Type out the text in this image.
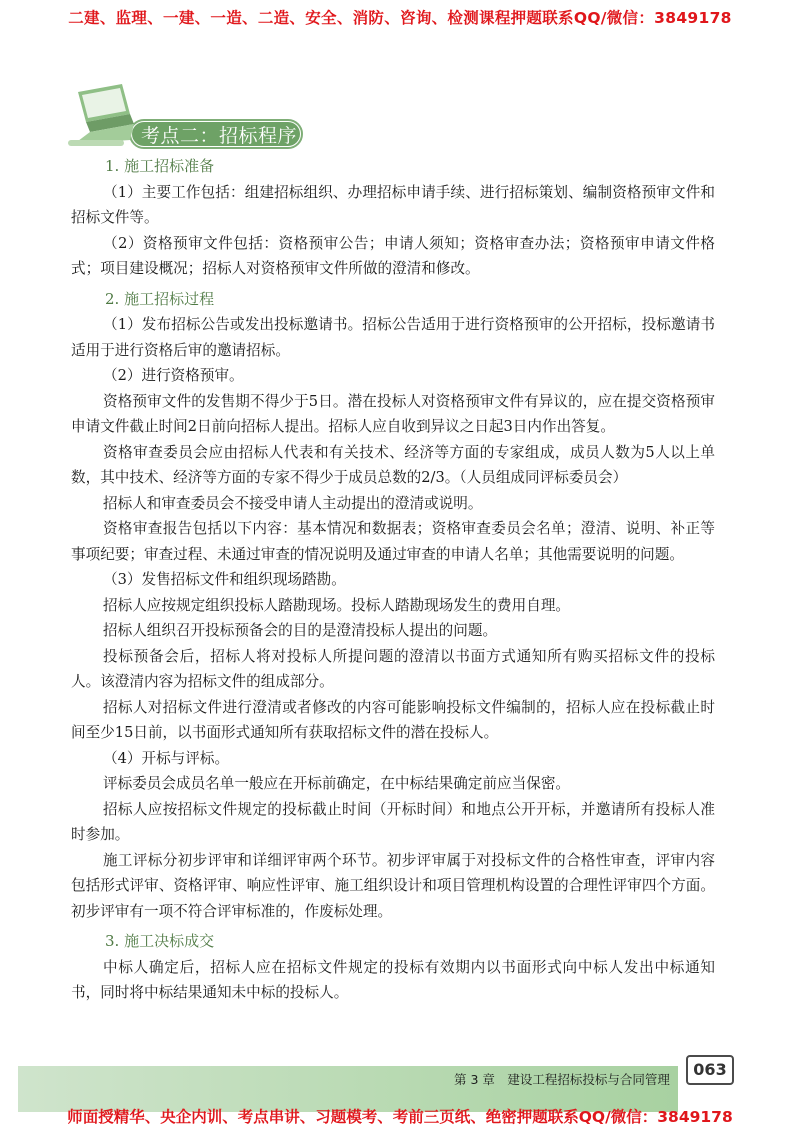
二建、监理、一建、一造、二造、安全、消防、咨询、检测课程押题联系QQ/微信：3849178
考点二：招标程序

1. 施工招标准备

（1）主要工作包括：组建招标组织、办理招标申请手续、进行招标策划、编制资格预审文件和招标文件等。

（2）资格预审文件包括：资格预审公告；申请人须知；资格审查办法；资格预审申请文件格式；项目建设概况；招标人对资格预审文件所做的澄清和修改。

2. 施工招标过程

（1）发布招标公告或发出投标邀请书。招标公告适用于进行资格预审的公开招标，投标邀请书适用于进行资格后审的邀请招标。

（2）进行资格预审。

资格预审文件的发售期不得少于5日。潜在投标人对资格预审文件有异议的，应在提交资格预审申请文件截止时间2日前向招标人提出。招标人应自收到异议之日起3日内作出答复。

资格审查委员会应由招标人代表和有关技术、经济等方面的专家组成，成员人数为5人以上单数，其中技术、经济等方面的专家不得少于成员总数的2/3。（人员组成同评标委员会）

招标人和审查委员会不接受申请人主动提出的澄清或说明。

资格审查报告包括以下内容：基本情况和数据表；资格审查委员会名单；澄清、说明、补正等事项纪要；审查过程、未通过审查的情况说明及通过审查的申请人名单；其他需要说明的问题。

（3）发售招标文件和组织现场踏勘。

招标人应按规定组织投标人踏勘现场。投标人踏勘现场发生的费用自理。

招标人组织召开投标预备会的目的是澄清投标人提出的问题。

投标预备会后，招标人将对投标人所提问题的澄清以书面方式通知所有购买招标文件的投标人。该澄清内容为招标文件的组成部分。

招标人对招标文件进行澄清或者修改的内容可能影响投标文件编制的，招标人应在投标截止时间至少15日前，以书面形式通知所有获取招标文件的潜在投标人。

（4）开标与评标。

评标委员会成员名单一般应在开标前确定，在中标结果确定前应当保密。

招标人应按招标文件规定的投标截止时间（开标时间）和地点公开开标，并邀请所有投标人准时参加。

施工评标分初步评审和详细评审两个环节。初步评审属于对投标文件的合格性审查，评审内容包括形式评审、资格评审、响应性评审、施工组织设计和项目管理机构设置的合理性评审四个方面。初步评审有一项不符合评审标准的，作废标处理。

3. 施工决标成交

中标人确定后，招标人应在招标文件规定的投标有效期内以书面形式向中标人发出中标通知书，同时将中标结果通知未中标的投标人。

第 3 章　建设工程招标投标与合同管理
063
师面授精华、央企内训、考点串讲、习题模考、考前三页纸、绝密押题联系QQ/微信：3849178
